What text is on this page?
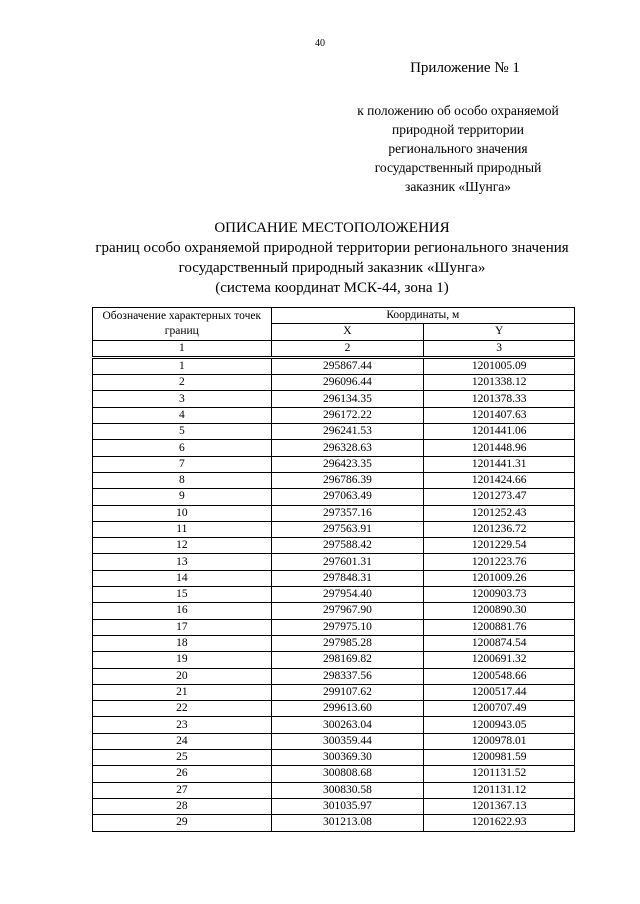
40
Приложение № 1
к положению об особо охраняемой
природной территории
регионального значения
государственный природный
заказник «Шунга»
ОПИСАНИЕ МЕСТОПОЛОЖЕНИЯ
границ особо охраняемой природной территории регионального значения
государственный природный заказник «Шунга»
(система координат МСК-44, зона 1)
Обозначение характерных точек границ	Координаты, м	
	X	Y
1	2	3
1	295867.44	1201005.09
2	296096.44	1201338.12
3	296134.35	1201378.33
4	296172.22	1201407.63
5	296241.53	1201441.06
6	296328.63	1201448.96
7	296423.35	1201441.31
8	296786.39	1201424.66
9	297063.49	1201273.47
10	297357.16	1201252.43
11	297563.91	1201236.72
12	297588.42	1201229.54
13	297601.31	1201223.76
14	297848.31	1201009.26
15	297954.40	1200903.73
16	297967.90	1200890.30
17	297975.10	1200881.76
18	297985.28	1200874.54
19	298169.82	1200691.32
20	298337.56	1200548.66
21	299107.62	1200517.44
22	299613.60	1200707.49
23	300263.04	1200943.05
24	300359.44	1200978.01
25	300369.30	1200981.59
26	300808.68	1201131.52
27	300830.58	1201131.12
28	301035.97	1201367.13
29	301213.08	1201622.93
